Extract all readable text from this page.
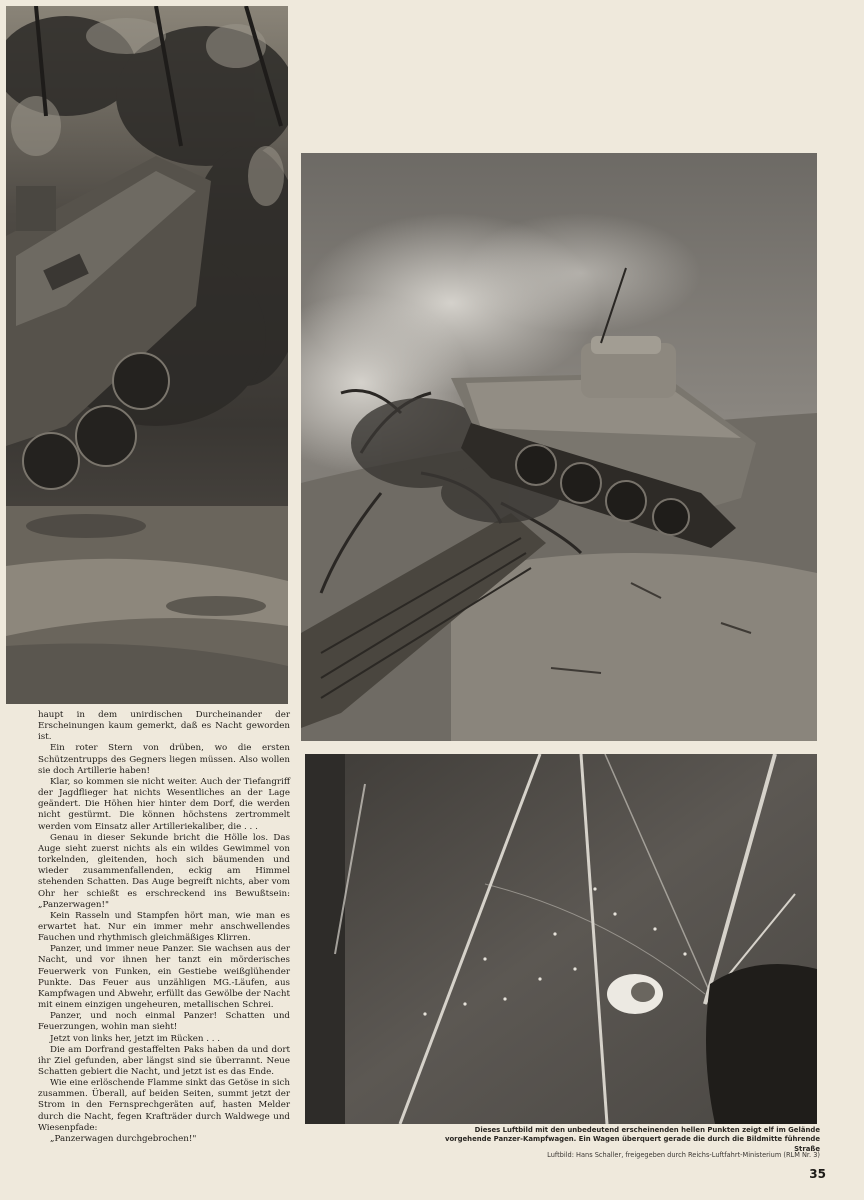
haupt in dem unirdischen Durcheinander der Erscheinungen kaum gemerkt, daß es Nacht geworden ist.

Ein roter Stern von drüben, wo die ersten Schützentrupps des Gegners liegen müssen. Also wollen sie doch Artillerie haben!

Klar, so kommen sie nicht weiter. Auch der Tiefangriff der Jagdflieger hat nichts Wesentliches an der Lage geändert. Die Höhen hier hinter dem Dorf, die werden nicht gestürmt. Die können höchstens zertrommelt werden vom Einsatz aller Artilleriekaliber, die . . .

Genau in dieser Sekunde bricht die Hölle los. Das Auge sieht zuerst nichts als ein wildes Gewimmel von torkelnden, gleitenden, hoch sich bäumenden und wieder zusammenfallenden, eckig am Himmel stehenden Schatten. Das Auge begreift nichts, aber vom Ohr her schießt es erschreckend ins Bewußtsein: „Panzerwagen!"

Kein Rasseln und Stampfen hört man, wie man es erwartet hat. Nur ein immer mehr anschwellendes Fauchen und rhythmisch gleichmäßiges Klirren.

Panzer, und immer neue Panzer. Sie wachsen aus der Nacht, und vor ihnen her tanzt ein mörderisches Feuerwerk von Funken, ein Gestiebe weißglühender Punkte. Das Feuer aus unzähligen MG.-Läufen, aus Kampfwagen und Abwehr, erfüllt das Gewölbe der Nacht mit einem einzigen ungeheuren, metallischen Schrei.

Panzer, und noch einmal Panzer! Schatten und Feuerzungen, wohin man sieht!

Jetzt von links her, jetzt im Rücken . . .

Die am Dorfrand gestaffelten Paks haben da und dort ihr Ziel gefunden, aber längst sind sie überrannt. Neue Schatten gebiert die Nacht, und jetzt ist es das Ende.

Wie eine erlöschende Flamme sinkt das Getöse in sich zusammen. Überall, auf beiden Seiten, summt jetzt der Strom in den Fernsprechgeräten auf, hasten Melder durch die Nacht, fegen Krafträder durch Waldwege und Wiesenpfade:

„Panzerwagen durchgebrochen!"

Dieses Luftbild mit den unbedeutend erscheinenden hellen Punkten zeigt elf im Gelände vorgehende Panzer-Kampfwagen. Ein Wagen überquert gerade die durch die Bildmitte führende Straße
Luftbild: Hans Schaller, freigegeben durch Reichs-Luftfahrt-Ministerium (RLM Nr. 3)
35
